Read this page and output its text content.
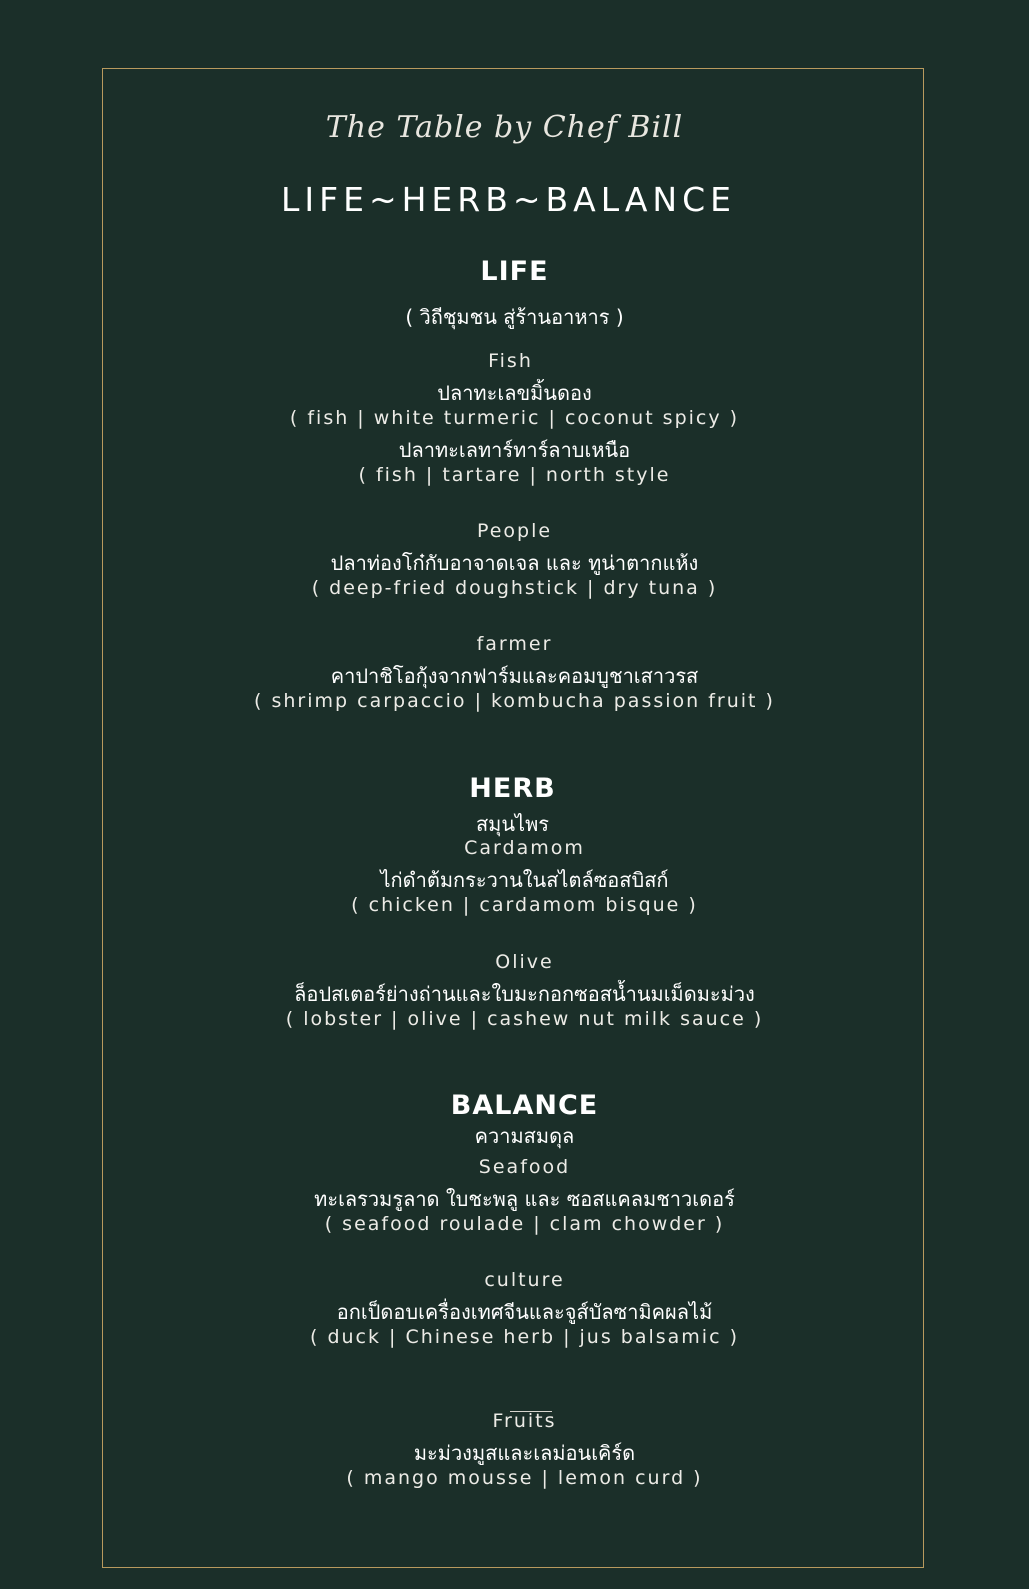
The Table by Chef Bill
LIFE~HERB~BALANCE
LIFE
( วิถีชุมชน สู่ร้านอาหาร )
Fish
ปลาทะเลขมิ้นดอง
( fish | white turmeric | coconut spicy )
ปลาทะเลทาร์ทาร์ลาบเหนือ
( fish | tartare | north style
People
ปลาท่องโก๋กับอาจาดเจล และ ทูน่าตากแห้ง
( deep-fried doughstick | dry tuna )
farmer
คาปาชิโอกุ้งจากฟาร์มและคอมบูชาเสาวรส
( shrimp carpaccio | kombucha passion fruit )
HERB
สมุนไพร
Cardamom
ไก่ดำต้มกระวานในสไตล์ซอสบิสก์
( chicken | cardamom bisque )
Olive
ล็อปสเตอร์ย่างถ่านและใบมะกอกซอสน้ำนมเม็ดมะม่วง
( lobster | olive | cashew nut milk sauce )
BALANCE
ความสมดุล
Seafood
ทะเลรวมรูลาด ใบชะพลู และ ซอสแคลมชาวเดอร์
( seafood roulade | clam chowder )
culture
อกเป็ดอบเครื่องเทศจีนและจูส์บัลซามิคผลไม้
( duck | Chinese herb | jus balsamic )
Fruits
มะม่วงมูสและเลม่อนเคิร์ด
( mango mousse | lemon curd )
